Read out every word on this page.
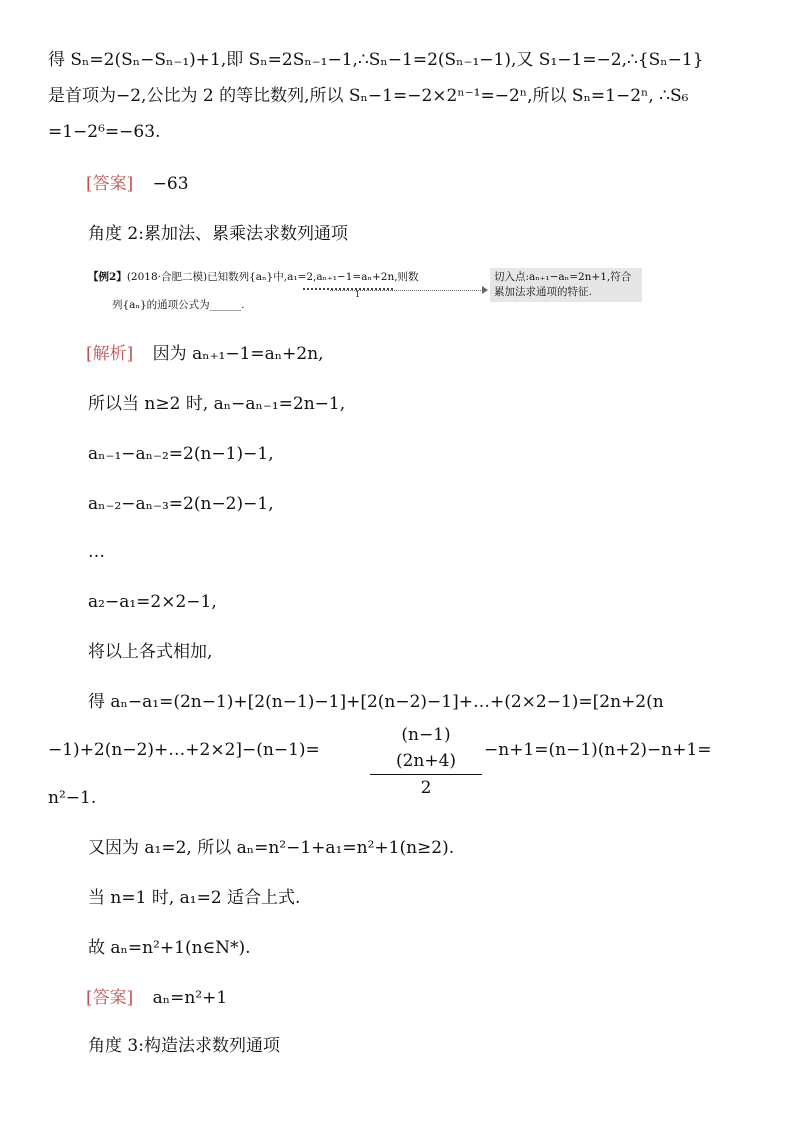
得 Sₙ=2(Sₙ−Sₙ₋₁)+1,即 Sₙ=2Sₙ₋₁−1,∴Sₙ−1=2(Sₙ₋₁−1),又 S₁−1=−2,∴{Sₙ−1}
是首项为−2,公比为 2 的等比数列,所以 Sₙ−1=−2×2ⁿ⁻¹=−2ⁿ,所以 Sₙ=1−2ⁿ, ∴S₆
=1−2⁶=−63.
[答案] −63
角度 2:累加法、累乘法求数列通项
【例2】(2018·合肥二模)已知数列{aₙ}中,a₁=2,aₙ₊₁−1=aₙ+2n,则数
列{aₙ}的通项公式为______.
1
切入点:aₙ₊₁−aₙ=2n+1,符合
累加法求通项的特征.
[解析] 因为 aₙ₊₁−1=aₙ+2n,
所以当 n≥2 时, aₙ−aₙ₋₁=2n−1,
aₙ₋₁−aₙ₋₂=2(n−1)−1,
aₙ₋₂−aₙ₋₃=2(n−2)−1,
…
a₂−a₁=2×2−1,
将以上各式相加,
得 aₙ−a₁=(2n−1)+[2(n−1)−1]+[2(n−2)−1]+…+(2×2−1)=[2n+2(n
−1)+2(n−2)+…+2×2]−(n−1)=	$\frac{(n-1)(2n+4)}{2} -n+1=(n-1)(n+2)-n+1=$
n²−1.
又因为 a₁=2, 所以 aₙ=n²−1+a₁=n²+1(n≥2).
当 n=1 时, a₁=2 适合上式.
故 aₙ=n²+1(n∈N*).
[答案] aₙ=n²+1
角度 3:构造法求数列通项
